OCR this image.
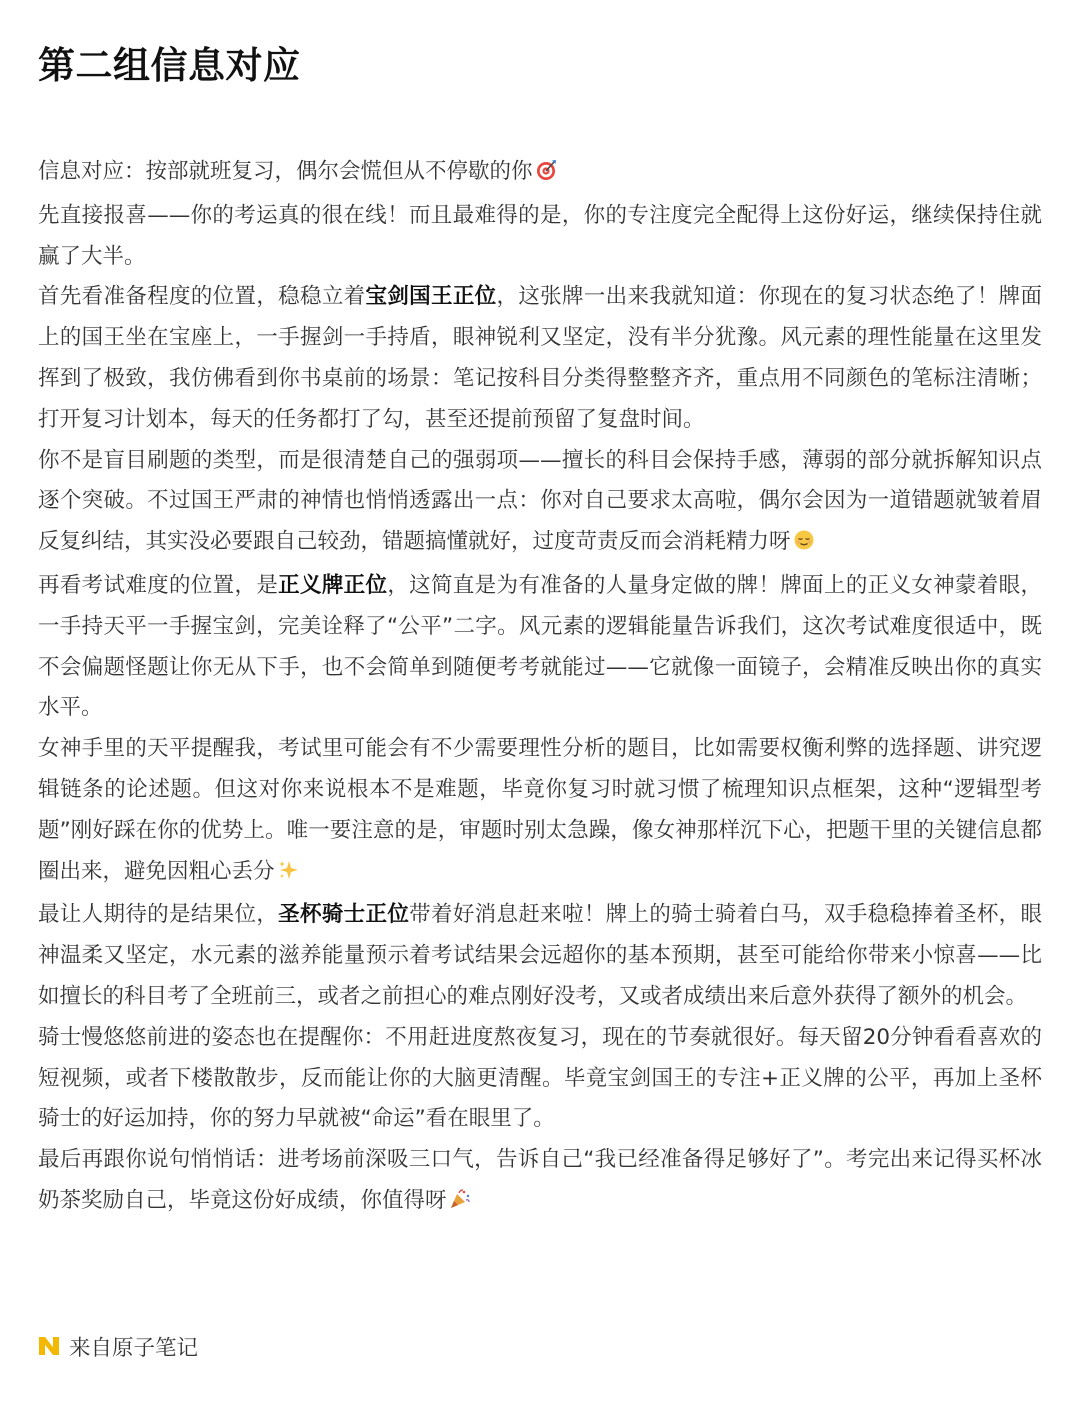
第二组信息对应

信息对应：按部就班复习，偶尔会慌但从不停歇的你

先直接报喜——你的考运真的很在线！而且最难得的是，你的专注度完全配得上这份好运，继续保持住就赢了大半。

首先看准备程度的位置，稳稳立着宝剑国王正位，这张牌一出来我就知道：你现在的复习状态绝了！牌面上的国王坐在宝座上，一手握剑一手持盾，眼神锐利又坚定，没有半分犹豫。风元素的理性能量在这里发挥到了极致，我仿佛看到你书桌前的场景：笔记按科目分类得整整齐齐，重点用不同颜色的笔标注清晰；打开复习计划本，每天的任务都打了勾，甚至还提前预留了复盘时间。

你不是盲目刷题的类型，而是很清楚自己的强弱项——擅长的科目会保持手感，薄弱的部分就拆解知识点逐个突破。不过国王严肃的神情也悄悄透露出一点：你对自己要求太高啦，偶尔会因为一道错题就皱着眉反复纠结，其实没必要跟自己较劲，错题搞懂就好，过度苛责反而会消耗精力呀

再看考试难度的位置，是正义牌正位，这简直是为有准备的人量身定做的牌！牌面上的正义女神蒙着眼，一手持天平一手握宝剑，完美诠释了“公平”二字。风元素的逻辑能量告诉我们，这次考试难度很适中，既不会偏题怪题让你无从下手，也不会简单到随便考考就能过——它就像一面镜子，会精准反映出你的真实水平。

女神手里的天平提醒我，考试里可能会有不少需要理性分析的题目，比如需要权衡利弊的选择题、讲究逻辑链条的论述题。但这对你来说根本不是难题，毕竟你复习时就习惯了梳理知识点框架，这种“逻辑型考题”刚好踩在你的优势上。唯一要注意的是，审题时别太急躁，像女神那样沉下心，把题干里的关键信息都圈出来，避免因粗心丢分

最让人期待的是结果位，圣杯骑士正位带着好消息赶来啦！牌上的骑士骑着白马，双手稳稳捧着圣杯，眼神温柔又坚定，水元素的滋养能量预示着考试结果会远超你的基本预期，甚至可能给你带来小惊喜——比如擅长的科目考了全班前三，或者之前担心的难点刚好没考，又或者成绩出来后意外获得了额外的机会。

骑士慢悠悠前进的姿态也在提醒你：不用赶进度熬夜复习，现在的节奏就很好。每天留20分钟看看喜欢的短视频，或者下楼散散步，反而能让你的大脑更清醒。毕竟宝剑国王的专注+正义牌的公平，再加上圣杯骑士的好运加持，你的努力早就被“命运”看在眼里了。

最后再跟你说句悄悄话：进考场前深吸三口气，告诉自己“我已经准备得足够好了”。考完出来记得买杯冰奶茶奖励自己，毕竟这份好成绩，你值得呀

来自原子笔记
